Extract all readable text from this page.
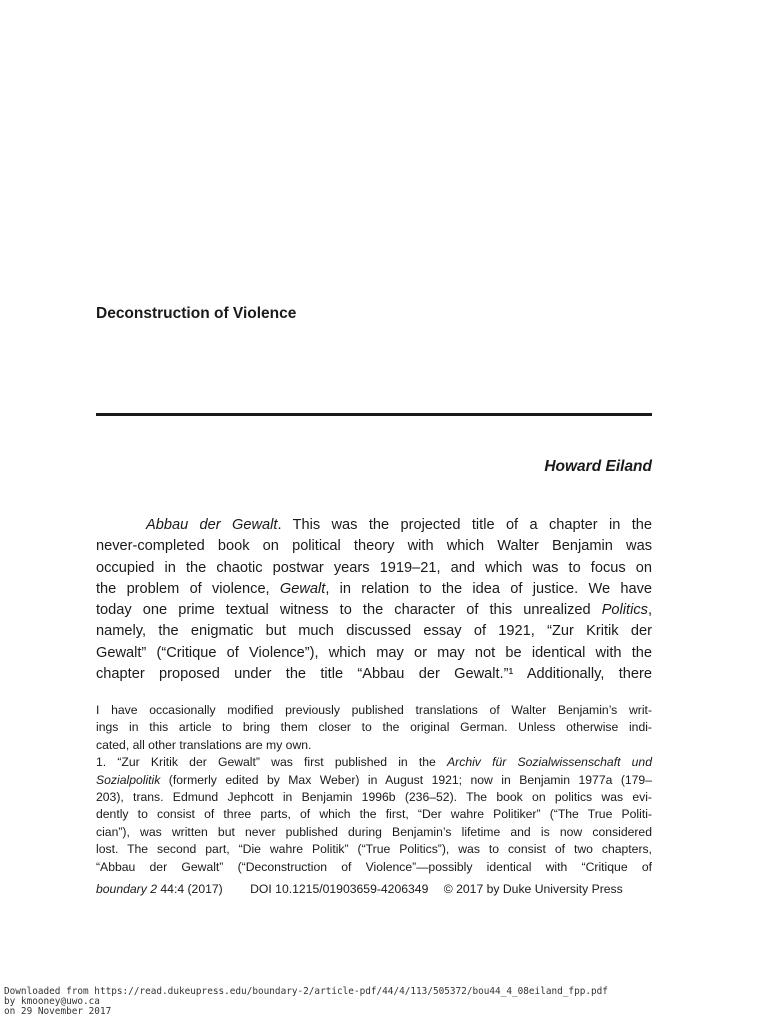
Deconstruction of Violence
Howard Eiland
Abbau der Gewalt. This was the projected title of a chapter in the
never-completed book on political theory with which Walter Benjamin was
occupied in the chaotic postwar years 1919–21, and which was to focus on
the problem of violence, Gewalt, in relation to the idea of justice. We have
today one prime textual witness to the character of this unrealized Politics,
namely, the enigmatic but much discussed essay of 1921, “Zur Kritik der
Gewalt” (“Critique of Violence”), which may or may not be identical with the
chapter proposed under the title “Abbau der Gewalt.”¹ Additionally, there
I have occasionally modified previously published translations of Walter Benjamin’s writ-
ings in this article to bring them closer to the original German. Unless otherwise indi-
cated, all other translations are my own.
1. “Zur Kritik der Gewalt” was first published in the Archiv für Sozialwissenschaft und
Sozialpolitik (formerly edited by Max Weber) in August 1921; now in Benjamin 1977a (179–
203), trans. Edmund Jephcott in Benjamin 1996b (236–52). The book on politics was evi-
dently to consist of three parts, of which the first, “Der wahre Politiker” (“The True Politi-
cian”), was written but never published during Benjamin’s lifetime and is now considered
lost. The second part, “Die wahre Politik” (“True Politics”), was to consist of two chapters,
“Abbau der Gewalt” (“Deconstruction of Violence”—possibly identical with “Critique of
boundary 2 44:4 (2017) DOI 10.1215/01903659-4206349 © 2017 by Duke University Press
Downloaded from https://read.dukeupress.edu/boundary-2/article-pdf/44/4/113/505372/bou44_4_08eiland_fpp.pdf
by kmooney@uwo.ca
on 29 November 2017
